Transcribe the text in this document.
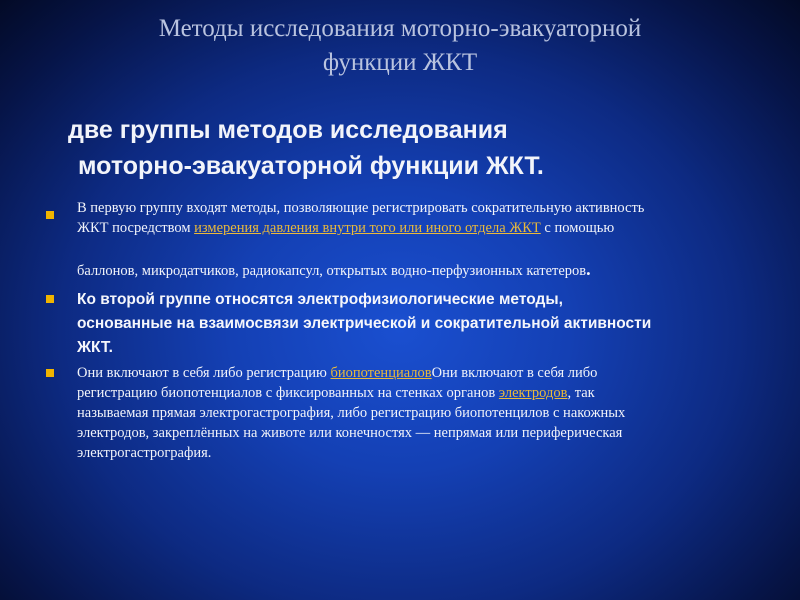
Методы исследования моторно-эвакуаторной
функции ЖКТ
две группы методов исследования
моторно-эвакуаторной функции ЖКТ.
В первую группу входят методы, позволяющие регистрировать сократительную активность
ЖКТ посредством измерения давления внутри того или иного отдела ЖКТ с помощью
баллонов, микродатчиков, радиокапсул, открытых водно-перфузионных катетеров.
Ко второй группе относятся электрофизиологические методы,
основанные на взаимосвязи электрической и сократительной активности
ЖКТ.
Они включают в себя либо регистрацию биопотенциаловОни включают в себя либо
регистрацию биопотенциалов с фиксированных на стенках органов электродов, так
называемая прямая электрогастрография, либо регистрацию биопотенцилов с накожных
электродов, закреплённых на животе или конечностях — непрямая или периферическая
электрогастрография.
